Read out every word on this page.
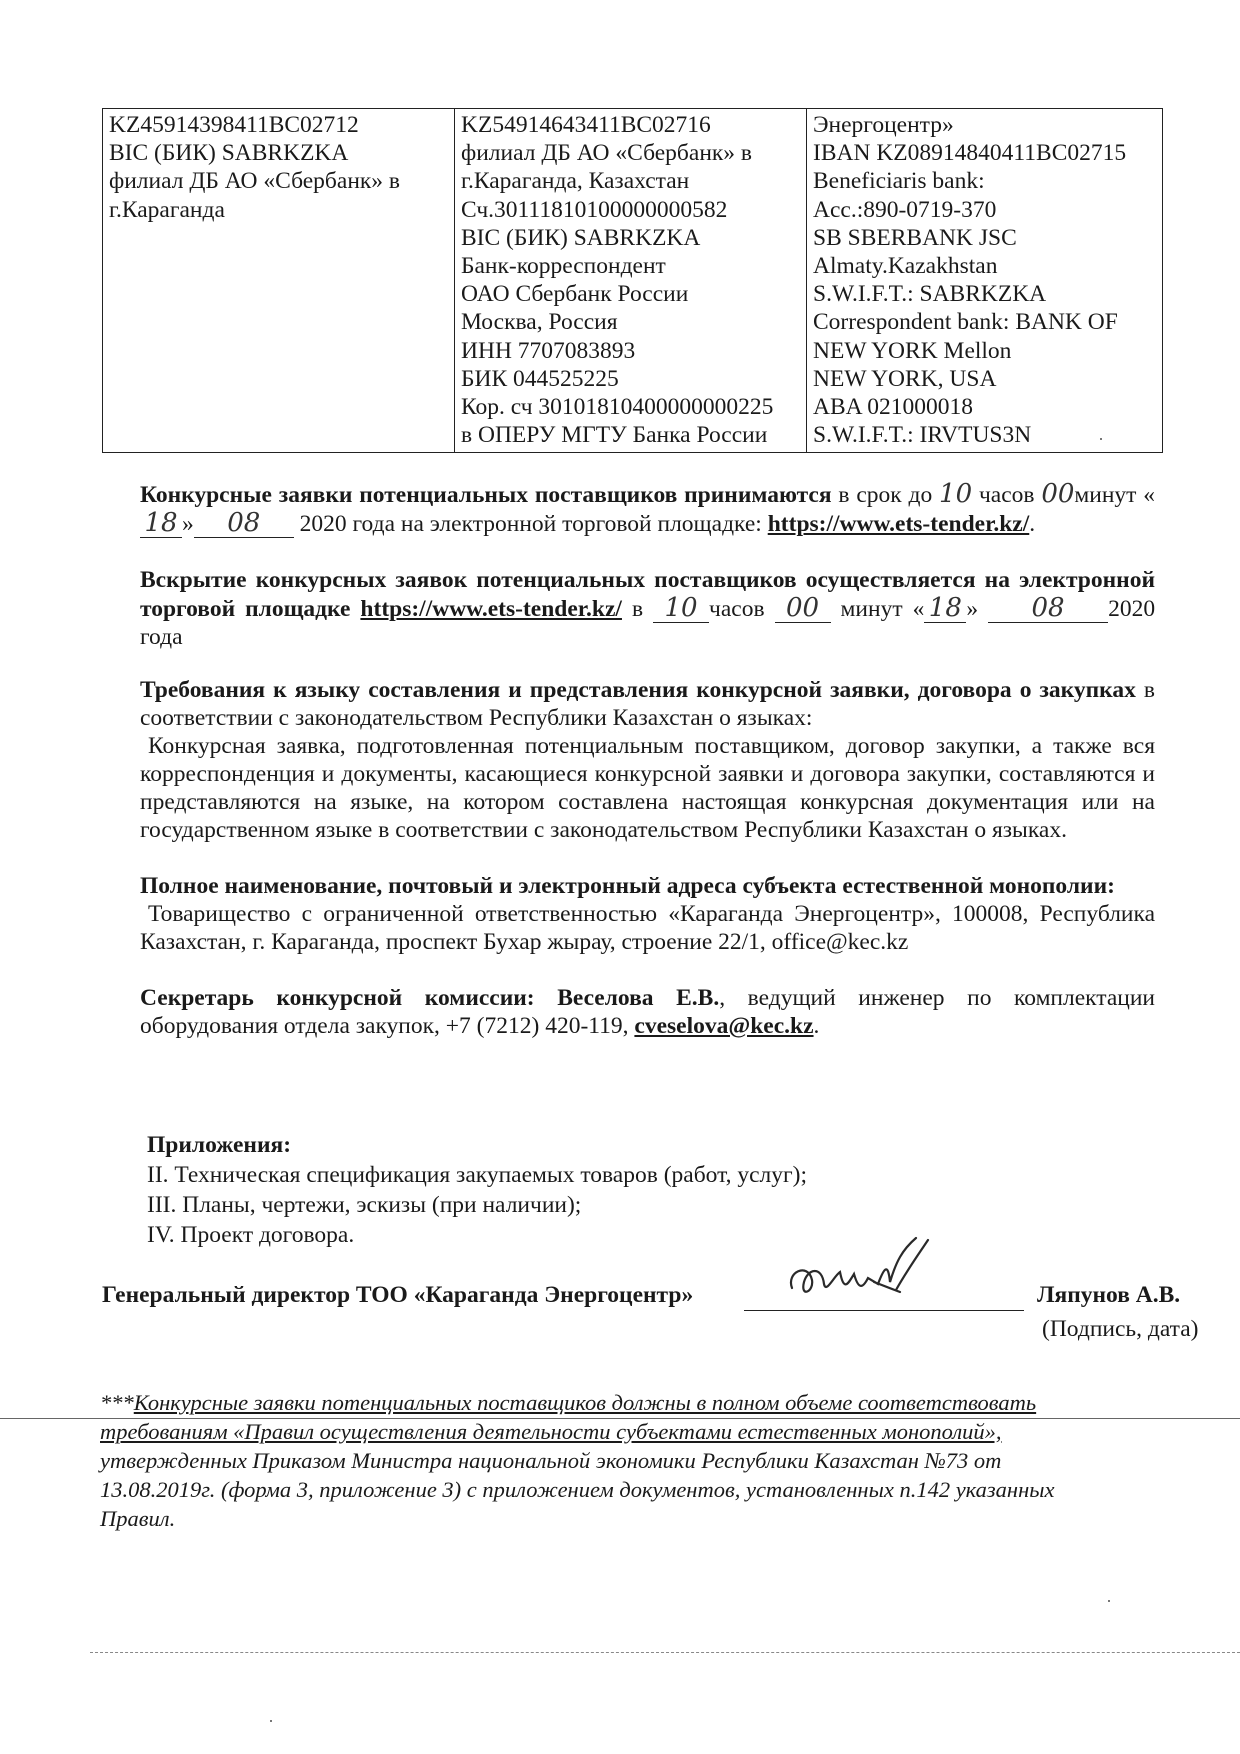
KZ45914398411BC02712
BIC (БИК) SABRKZKA
филиал ДБ АО «Сбербанк» в
г.Караганда

KZ54914643411BC02716
филиал ДБ АО «Сбербанк» в
г.Караганда, Казахстан
Сч.30111810100000000582
BIC (БИК) SABRKZKA
Банк-корреспондент
ОАО Сбербанк России
Москва, Россия
ИНН 7707083893
БИК 044525225
Кор. сч 30101810400000000225
в ОПЕРУ МГТУ Банка России

Энергоцентр»
IBAN KZ08914840411BC02715
Beneficiaris bank:
Acc.:890-0719-370
SB SBERBANK JSC
Almaty.Kazakhstan
S.W.I.F.T.: SABRKZKA
Correspondent bank: BANK OF
NEW YORK Mellon
NEW YORK, USA
ABA 021000018
S.W.I.F.T.: IRVTUS3N
Конкурсные заявки потенциальных поставщиков принимаются в срок до 10 часов 00минут «18 » 08 2020 года на электронной торговой площадке: https://www.ets-tender.kz/.
Вскрытие конкурсных заявок потенциальных поставщиков осуществляется на электронной торговой площадке https://www.ets-tender.kz/ в 10 часов 00 минут « 18 » 08 2020 года
Требования к языку составления и представления конкурсной заявки, договора о закупках в соответствии с законодательством Республики Казахстан о языках:
Конкурсная заявка, подготовленная потенциальным поставщиком, договор закупки, а также вся корреспонденция и документы, касающиеся конкурсной заявки и договора закупки, составляются и представляются на языке, на котором составлена настоящая конкурсная документация или на государственном языке в соответствии с законодательством Республики Казахстан о языках.
Полное наименование, почтовый и электронный адреса субъекта естественной монополии:
Товарищество с ограниченной ответственностью «Караганда Энергоцентр», 100008, Республика Казахстан, г. Караганда, проспект Бухар жырау, строение 22/1, office@kec.kz
Секретарь конкурсной комиссии: Веселова Е.В., ведущий инженер по комплектации оборудования отдела закупок, +7 (7212) 420-119, cveselova@kec.kz.
Приложения:
II. Техническая спецификация закупаемых товаров (работ, услуг);
III. Планы, чертежи, эскизы (при наличии);
IV. Проект договора.
Генеральный директор ТОО «Караганда Энергоцентр»	Ляпунов А.В.
(Подпись, дата)
***Конкурсные заявки потенциальных поставщиков должны в полном объеме соответствовать требованиям «Правил осуществления деятельности субъектами естественных монополий», утвержденных Приказом Министра национальной экономики Республики Казахстан №73 от 13.08.2019г. (форма 3, приложение 3) с приложением документов, установленных п.142 указанных Правил.
